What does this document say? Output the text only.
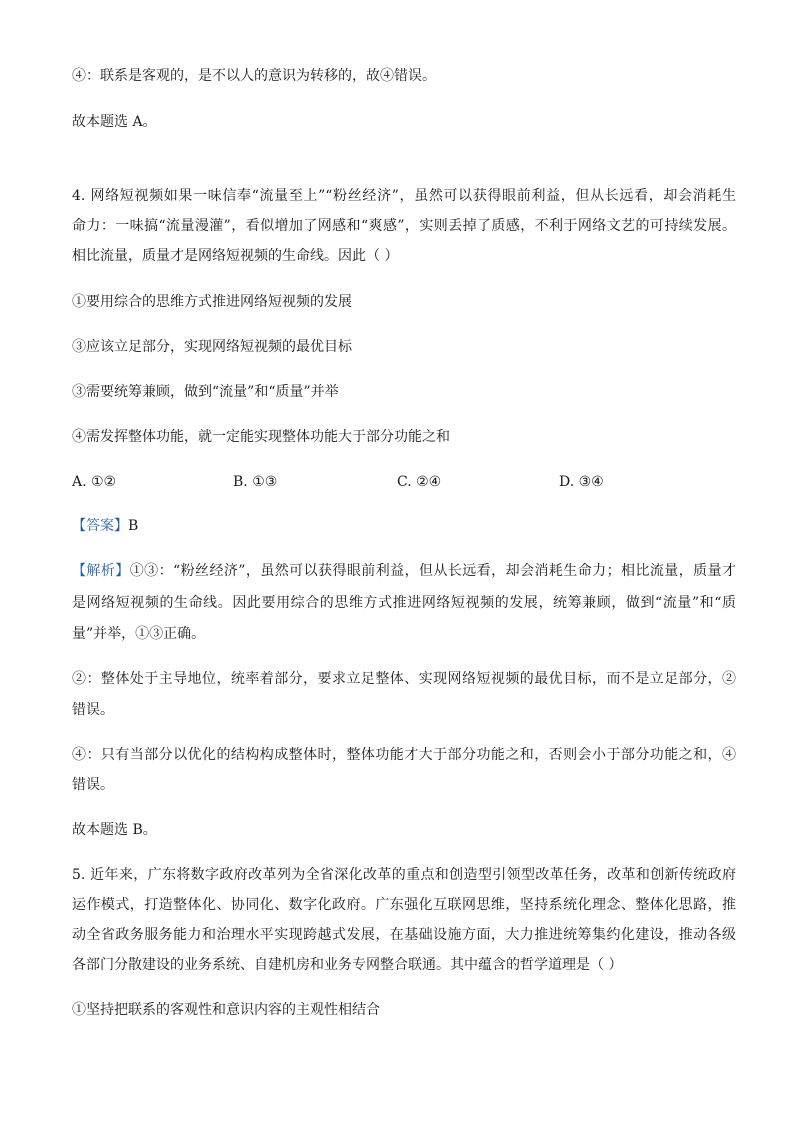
④：联系是客观的，是不以人的意识为转移的，故④错误。
故本题选 A。
4. 网络短视频如果一味信奉“流量至上”“粉丝经济”，虽然可以获得眼前利益，但从长远看，却会消耗生
命力：一味搞“流量漫灌”，看似增加了网感和“爽感”，实则丢掉了质感，不利于网络文艺的可持续发展。
相比流量，质量才是网络短视频的生命线。因此（ ）
①要用综合的思维方式推进网络短视频的发展
③应该立足部分，实现网络短视频的最优目标
③需要统筹兼顾，做到“流量”和“质量”并举
④需发挥整体功能，就一定能实现整体功能大于部分功能之和
A. ①②	B. ①③	C. ②④	D. ③④
【答案】B
【解析】①③：“粉丝经济”，虽然可以获得眼前利益，但从长远看，却会消耗生命力；相比流量，质量才
是网络短视频的生命线。因此要用综合的思维方式推进网络短视频的发展，统筹兼顾，做到“流量”和“质
量”并举，①③正确。
②：整体处于主导地位，统率着部分，要求立足整体、实现网络短视频的最优目标，而不是立足部分，②
错误。
④：只有当部分以优化的结构构成整体时，整体功能才大于部分功能之和，否则会小于部分功能之和，④
错误。
故本题选 B。
5. 近年来，广东将数字政府改革列为全省深化改革的重点和创造型引领型改革任务，改革和创新传统政府
运作模式，打造整体化、协同化、数字化政府。广东强化互联网思维，坚持系统化理念、整体化思路，推
动全省政务服务能力和治理水平实现跨越式发展，在基础设施方面，大力推进统筹集约化建设，推动各级
各部门分散建设的业务系统、自建机房和业务专网整合联通。其中蕴含的哲学道理是（ ）
①坚持把联系的客观性和意识内容的主观性相结合
